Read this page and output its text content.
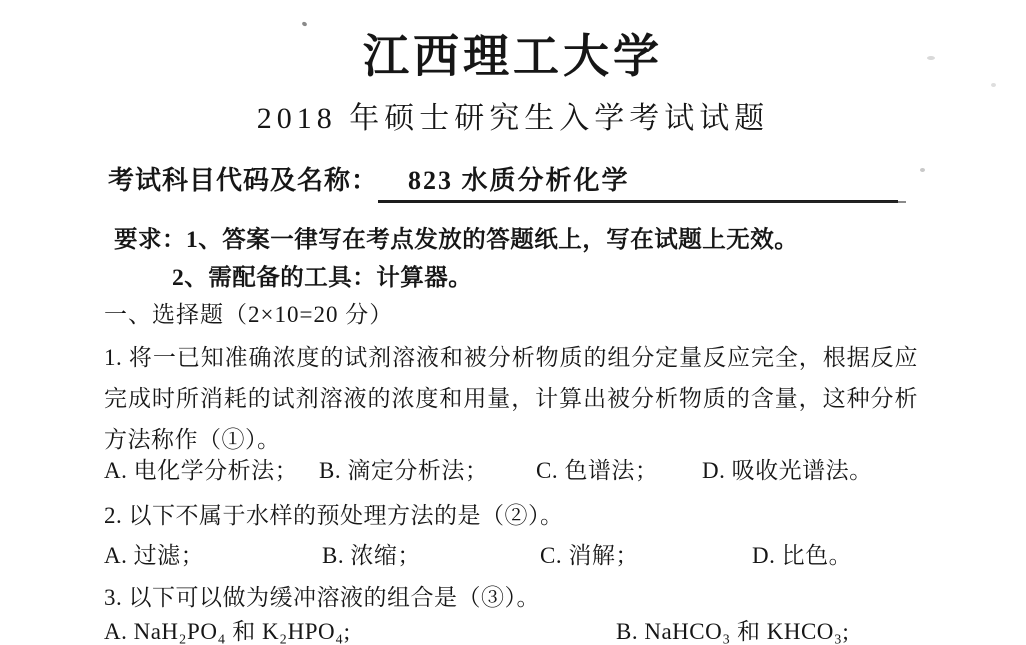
江西理工大学
2018 年硕士研究生入学考试试题
考试科目代码及名称： 823 水质分析化学
要求：1、答案一律写在考点发放的答题纸上，写在试题上无效。
2、需配备的工具：计算器。
一、选择题（2×10=20 分）
1. 将一已知准确浓度的试剂溶液和被分析物质的组分定量反应完全，根据反应完成时所消耗的试剂溶液的浓度和用量，计算出被分析物质的含量，这种分析方法称作（①）。
A. 电化学分析法； B. 滴定分析法； C. 色谱法； D. 吸收光谱法。
2. 以下不属于水样的预处理方法的是（②）。
A. 过滤；	B. 浓缩；	C. 消解；	D. 比色。
3. 以下可以做为缓冲溶液的组合是（③）。
A. NaH₂PO₄ 和 K₂HPO₄;	B. NaHCO₃ 和 KHCO₃;
